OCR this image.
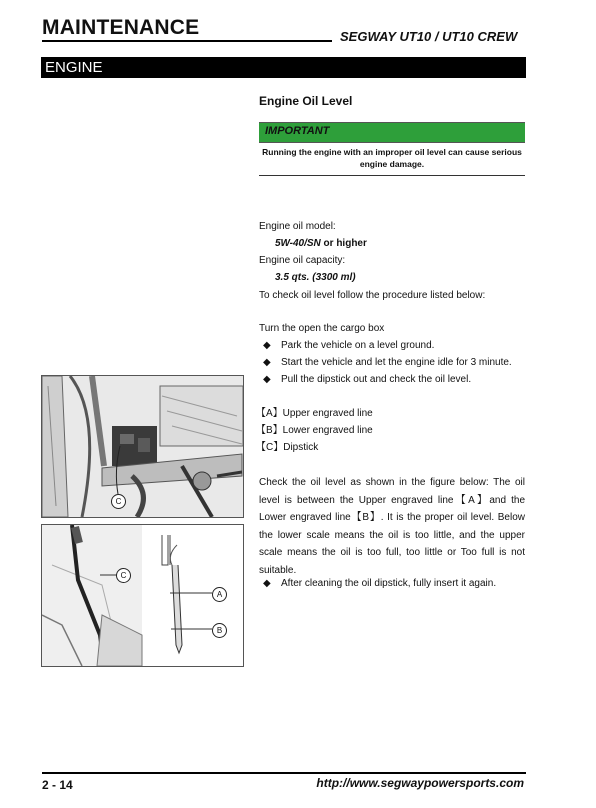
MAINTENANCE	SEGWAY UT10 / UT10 CREW
ENGINE
Engine Oil Level
IMPORTANT
Running the engine with an improper oil level can cause serious
engine damage.
Engine oil model:
5W-40/SN or higher
Engine oil capacity:
3.5 qts. (3300 ml)
To check oil level follow the procedure listed below:
Turn the open the cargo box
◆ Park the vehicle on a level ground.
◆ Start the vehicle and let the engine idle for 3 minute.
◆ Pull the dipstick out and check the oil level.
【A】Upper engraved line
【B】Lower engraved line
【C】Dipstick
Check the oil level as shown in the figure below: The oil level is between the Upper engraved line【A】and the Lower engraved line【B】. It is the proper oil level. Below the lower scale means the oil is too little, and the upper scale means the oil is too full, too little or Too full is not suitable.
◆ After cleaning the oil dipstick, fully insert it again.
C
C
A
B
2 - 14	http://www.segwaypowersports.com
